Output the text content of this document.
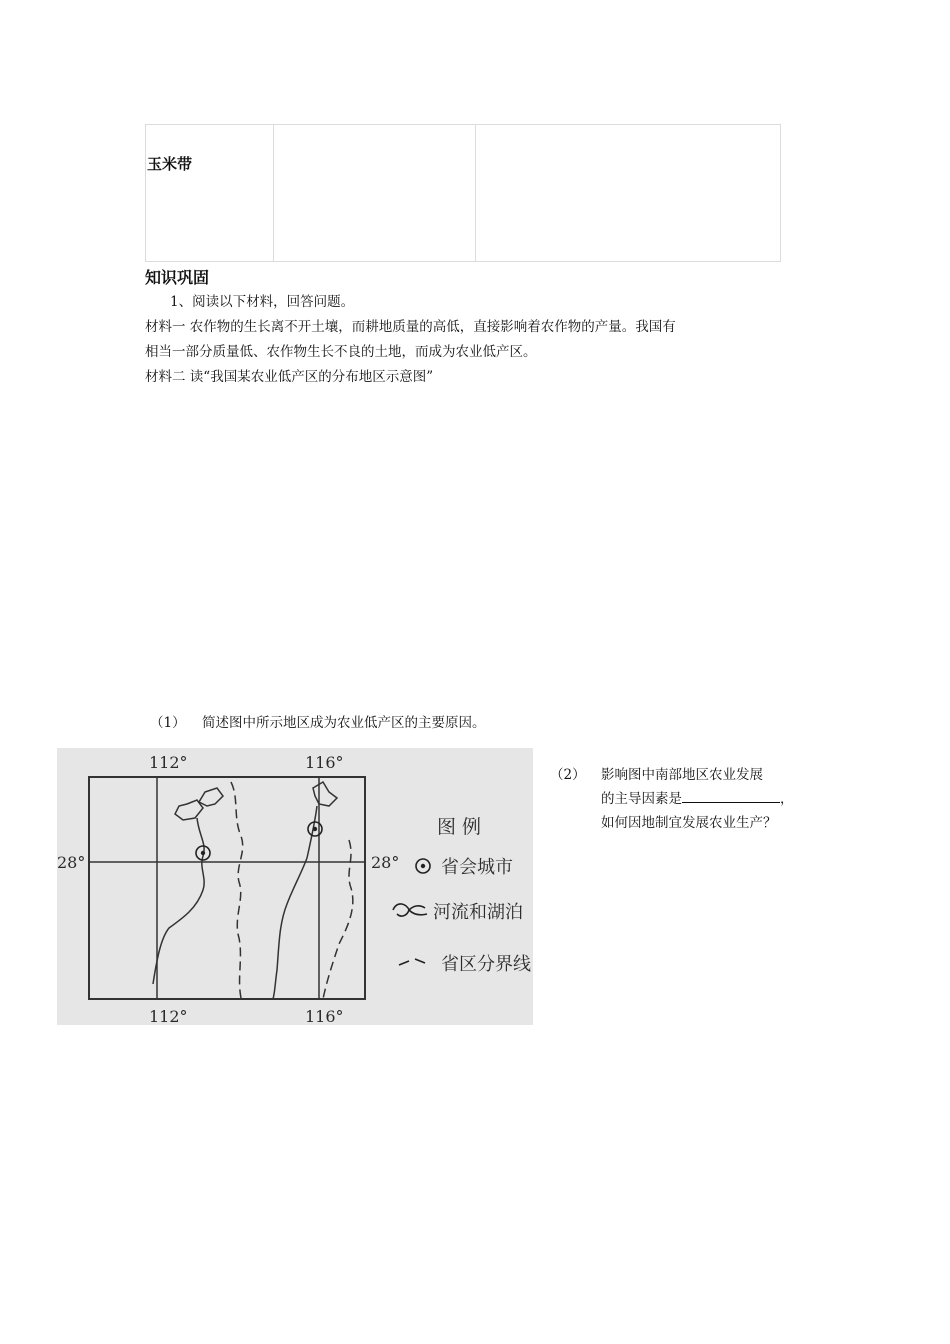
玉米带

知识巩固
1、阅读以下材料，回答问题。
材料一 农作物的生长离不开土壤，而耕地质量的高低，直接影响着农作物的产量。我国有
相当一部分质量低、农作物生长不良的土地，而成为农业低产区。
材料二 读“我国某农业低产区的分布地区示意图”
（1） 简述图中所示地区成为农业低产区的主要原因。
（2） 影响图中南部地区农业发展
的主导因素是	，
如何因地制宜发展农业生产？
112°	116°
112°	116°
28°	28°
图 例
省会城市
河流和湖泊
省区分界线
